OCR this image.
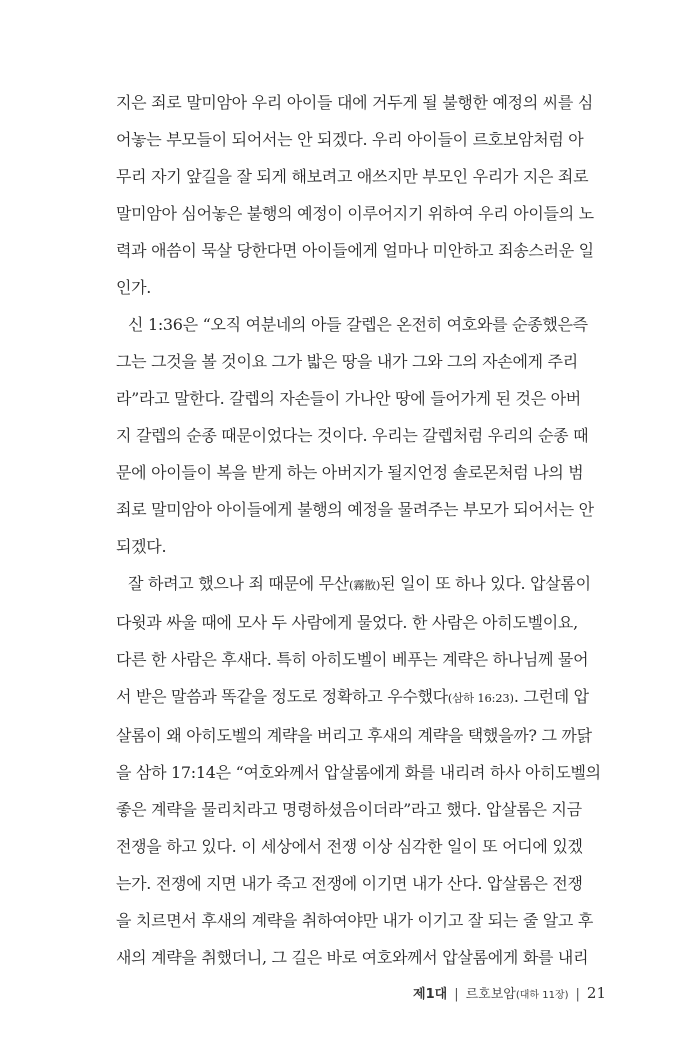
지은 죄로 말미암아 우리 아이들 대에 거두게 될 불행한 예정의 씨를 심
어놓는 부모들이 되어서는 안 되겠다. 우리 아이들이 르호보암처럼 아
무리 자기 앞길을 잘 되게 해보려고 애쓰지만 부모인 우리가 지은 죄로
말미암아 심어놓은 불행의 예정이 이루어지기 위하여 우리 아이들의 노
력과 애씀이 묵살 당한다면 아이들에게 얼마나 미안하고 죄송스러운 일
인가.

신 1:36은 “오직 여분네의 아들 갈렙은 온전히 여호와를 순종했은즉
그는 그것을 볼 것이요 그가 밟은 땅을 내가 그와 그의 자손에게 주리
라”라고 말한다. 갈렙의 자손들이 가나안 땅에 들어가게 된 것은 아버
지 갈렙의 순종 때문이었다는 것이다. 우리는 갈렙처럼 우리의 순종 때
문에 아이들이 복을 받게 하는 아버지가 될지언정 솔로몬처럼 나의 범
죄로 말미암아 아이들에게 불행의 예정을 물려주는 부모가 되어서는 안
되겠다.

잘 하려고 했으나 죄 때문에 무산(霧散)된 일이 또 하나 있다. 압살롬이
다윗과 싸울 때에 모사 두 사람에게 물었다. 한 사람은 아히도벨이요,
다른 한 사람은 후새다. 특히 아히도벨이 베푸는 계략은 하나님께 물어
서 받은 말씀과 똑같을 정도로 정확하고 우수했다(삼하 16:23). 그런데 압
살롬이 왜 아히도벨의 계략을 버리고 후새의 계략을 택했을까? 그 까닭
을 삼하 17:14은 “여호와께서 압살롬에게 화를 내리려 하사 아히도벨의
좋은 계략을 물리치라고 명령하셨음이더라”라고 했다. 압살롬은 지금
전쟁을 하고 있다. 이 세상에서 전쟁 이상 심각한 일이 또 어디에 있겠
는가. 전쟁에 지면 내가 죽고 전쟁에 이기면 내가 산다. 압살롬은 전쟁
을 치르면서 후새의 계략을 취하여야만 내가 이기고 잘 되는 줄 알고 후
새의 계략을 취했더니, 그 길은 바로 여호와께서 압살롬에게 화를 내리

제1대 | 르호보암(대하 11장) | 21
